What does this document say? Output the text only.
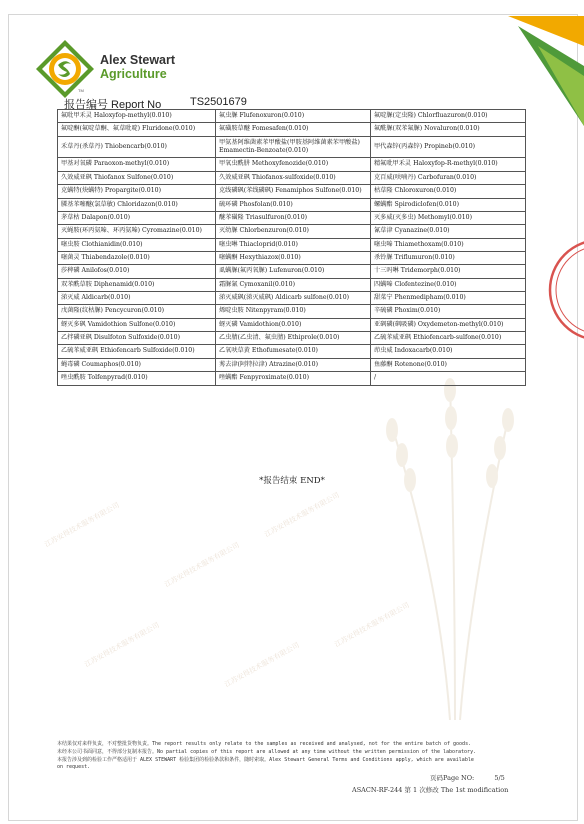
Alex Stewart
Agriculture
TM
报告编号 Report No	TS2501679
江苏安得技术服务有限公司
江苏安得技术服务有限公司
江苏安得技术服务有限公司
江苏安得技术服务有限公司	江苏安得技术服务有限公司
江苏安得技术服务有限公司
氟吡甲禾灵 Haloxyfop-methyl(0.010)	氟虫脲 Flufenoxuron(0.010)	氟啶脲(定虫隆) Chlorfluazuron(0.010)
氟啶酮(氟啶草酮、氟草吡啶) Fluridone(0.010)	氟磺胺草醚 Fomesafen(0.010)	氟酰脲(双苯氟脲) Novaluron(0.010)
禾草丹(杀草丹) Thiobencarb(0.010)	甲氨基阿维菌素苯甲酸盐(甲胺基阿维菌素苯甲酸盐) Emamectin-Benzoate(0.010)	甲代森锌(丙森锌) Propineb(0.010)
甲基对氧磷 Paraoxon-methyl(0.010)	甲氧虫酰肼 Methoxyfenozide(0.010)	精氟吡甲禾灵 Haloxyfop-R-methyl(0.010)
久效威亚砜 Thiofanox Sulfone(0.010)	久效威亚砜 Thiofanox-sulfoxide(0.010)	克百威(呋喃丹) Carbofuran(0.010)
克螨特(炔螨特) Propargite(0.010)	克线磷砜(苯线磷砜) Fenamiphos Sulfone(0.010)	枯草隆 Chloroxuron(0.010)
膦基苯噻醚(氯草敏) Chloridazon(0.010)	硫环磷 Phosfolan(0.010)	螺螨酯 Spirodiclofen(0.010)
茅草枯 Dalapon(0.010)	醚苯磺隆 Triasulfuron(0.010)	灭多威(灭多虫) Methomyl(0.010)
灭蝇胺(环丙氨嗪、环丙氨嗪) Cyromazine(0.010)	灭幼脲 Chlorbenzuron(0.010)	氰草津 Cyanazine(0.010)
噻虫胺 Clothianidin(0.010)	噻虫啉 Thiacloprid(0.010)	噻虫嗪 Thiamethoxam(0.010)
噻菌灵 Thiabendazole(0.010)	噻螨酮 Hexythiazox(0.010)	杀铃脲 Triflumuron(0.010)
莎稗磷 Anilofos(0.010)	虱螨脲(氟丙氧脲) Lufenuron(0.010)	十三吗啉 Tridemorph(0.010)
双苯酰草胺 Diphenamid(0.010)	霜脲氰 Cymoxanil(0.010)	四螨嗪 Clofentezine(0.010)
涕灭威 Aldicarb(0.010)	涕灭威砜(涕灭威砜) Aldicarb sulfone(0.010)	甜菜宁 Phenmedipham(0.010)
戊菌隆(纹枯脲) Pencycuron(0.010)	烯啶虫胺 Nitenpyram(0.010)	辛硫磷 Phoxim(0.010)
蚜灭多砜 Vamidothion Sulfone(0.010)	蚜灭磷 Vamidothion(0.010)	亚砜磷(砜吸磷) Oxydemeton-methyl(0.010)
乙拌磷亚砜 Disulfoton Sulfoxide(0.010)	乙虫腈(乙虫清、氟虫腈) Ethiprole(0.010)	乙硫苯威亚砜 Ethiofencarb-sulfone(0.010)
乙硫苯威亚砜 Ethiofencarb Sulfoxide(0.010)	乙氧呋草黄 Ethofumesate(0.010)	茚虫威 Indoxacarb(0.010)
蝇毒磷 Coumaphos(0.010)	莠去津(阿特拉津) Atrazine(0.010)	鱼藤酮 Rotenone(0.010)
唑虫酰胺 Tolfenpyrad(0.010)	唑螨酯 Fenpyroximate(0.010)	/
*报告结束 END*
本结果仅对来样负责，不对整批货物负责。The report results only relate to the samples as received and analysed, not for the entire batch of goods.
未经本公司书面同意，不得部分复制本报告。No partial copies of this report are allowed at any time without the written permission of the laboratory.
本报告涉及到的检验工作严格适用于 ALEX STEWART 检验集团的检验条款和条件，随时索取。Alex Stewart General Terms and Conditions apply, which are available
on request.
页码Page NO:	5/5
ASACN-RF-244 第 1 次修改 The 1st modification
